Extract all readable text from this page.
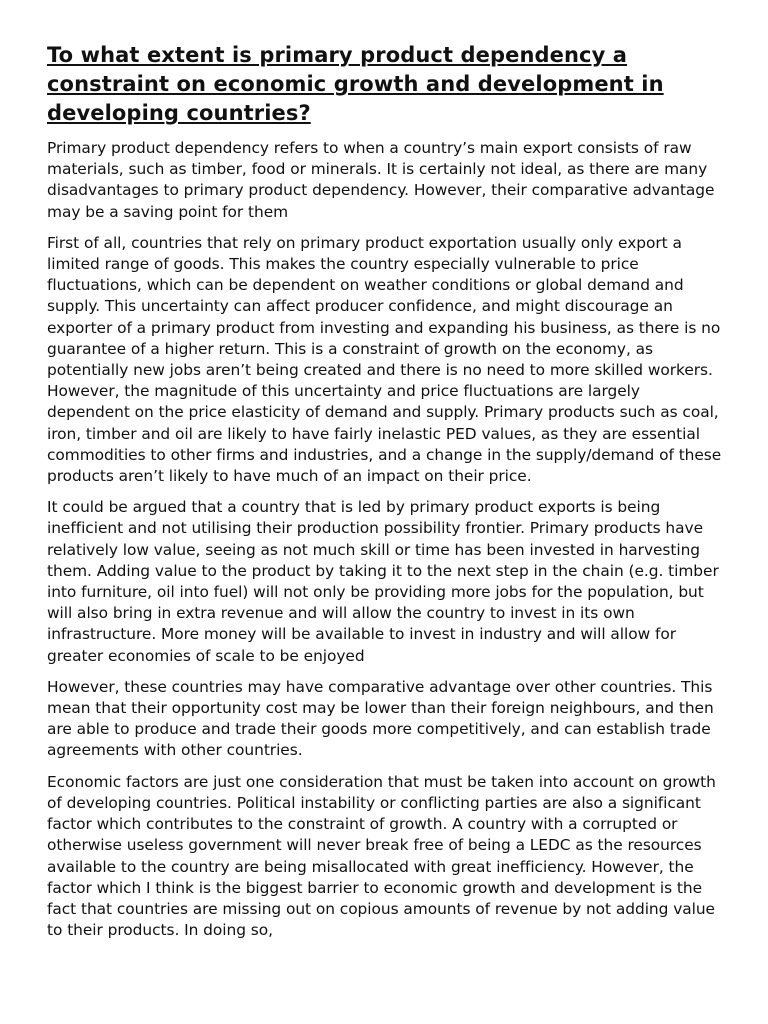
To what extent is primary product dependency a constraint on economic growth and development in developing countries?

Primary product dependency refers to when a country’s main export consists of raw materials, such as timber, food or minerals. It is certainly not ideal, as there are many disadvantages to primary product dependency. However, their comparative advantage may be a saving point for them

First of all, countries that rely on primary product exportation usually only export a limited range of goods. This makes the country especially vulnerable to price fluctuations, which can be dependent on weather conditions or global demand and supply. This uncertainty can affect producer confidence, and might discourage an exporter of a primary product from investing and expanding his business, as there is no guarantee of a higher return. This is a constraint of growth on the economy, as potentially new jobs aren’t being created and there is no need to more skilled workers. However, the magnitude of this uncertainty and price fluctuations are largely dependent on the price elasticity of demand and supply. Primary products such as coal, iron, timber and oil are likely to have fairly inelastic PED values, as they are essential commodities to other firms and industries, and a change in the supply/demand of these products aren’t likely to have much of an impact on their price.

It could be argued that a country that is led by primary product exports is being inefficient and not utilising their production possibility frontier. Primary products have relatively low value, seeing as not much skill or time has been invested in harvesting them. Adding value to the product by taking it to the next step in the chain (e.g. timber into furniture, oil into fuel) will not only be providing more jobs for the population, but will also bring in extra revenue and will allow the country to invest in its own infrastructure. More money will be available to invest in industry and will allow for greater economies of scale to be enjoyed

However, these countries may have comparative advantage over other countries. This mean that their opportunity cost may be lower than their foreign neighbours, and then are able to produce and trade their goods more competitively, and can establish trade agreements with other countries.

Economic factors are just one consideration that must be taken into account on growth of developing countries. Political instability or conflicting parties are also a significant factor which contributes to the constraint of growth. A country with a corrupted or otherwise useless government will never break free of being a LEDC as the resources available to the country are being misallocated with great inefficiency. However, the factor which I think is the biggest barrier to economic growth and development is the fact that countries are missing out on copious amounts of revenue by not adding value to their products. In doing so,
